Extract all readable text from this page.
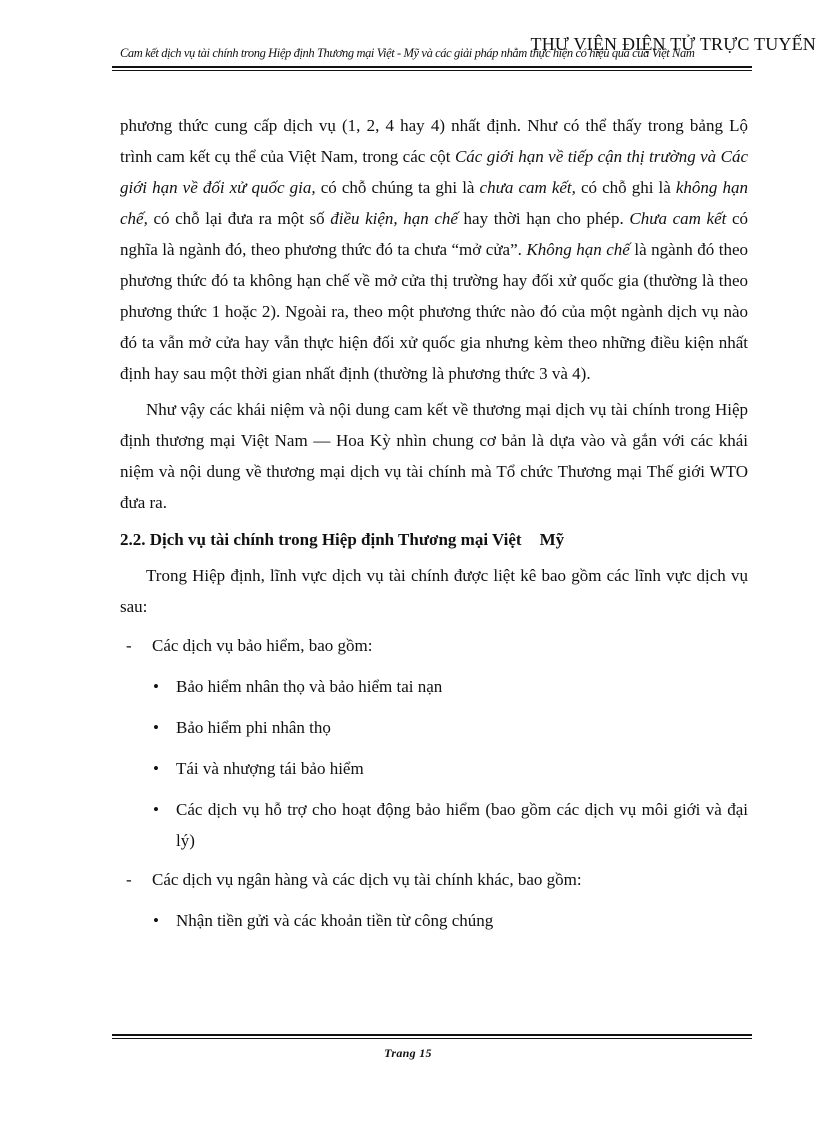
Cam kết dịch vụ tài chính trong Hiệp định Thương mại Việt - Mỹ và các giải pháp nhằm thực hiện có hiệu quả của Việt Nam
THƯ VIỆN ĐIỆN TỬ TRỰC TUYẾN

phương thức cung cấp dịch vụ (1, 2, 4 hay 4) nhất định. Như có thể thấy trong bảng Lộ trình cam kết cụ thể của Việt Nam, trong các cột Các giới hạn về tiếp cận thị trường và Các giới hạn về đối xử quốc gia, có chỗ chúng ta ghi là chưa cam kết, có chỗ ghi là không hạn chế, có chỗ lại đưa ra một số điều kiện, hạn chế hay thời hạn cho phép. Chưa cam kết có nghĩa là ngành đó, theo phương thức đó ta chưa “mở cửa”. Không hạn chế là ngành đó theo phương thức đó ta không hạn chế về mở cửa thị trường hay đối xử quốc gia (thường là theo phương thức 1 hoặc 2). Ngoài ra, theo một phương thức nào đó của một ngành dịch vụ nào đó ta vẫn mở cửa hay vẫn thực hiện đối xử quốc gia nhưng kèm theo những điều kiện nhất định hay sau một thời gian nhất định (thường là phương thức 3 và 4).

Như vậy các khái niệm và nội dung cam kết về thương mại dịch vụ tài chính trong Hiệp định thương mại Việt Nam — Hoa Kỳ nhìn chung cơ bản là dựa vào và gắn với các khái niệm và nội dung về thương mại dịch vụ tài chính mà Tổ chức Thương mại Thế giới WTO đưa ra.

2.2. Dịch vụ tài chính trong Hiệp định Thương mại Việt Mỹ

Trong Hiệp định, lĩnh vực dịch vụ tài chính được liệt kê bao gồm các lĩnh vực dịch vụ sau:

- Các dịch vụ bảo hiểm, bao gồm:
• Bảo hiểm nhân thọ và bảo hiểm tai nạn
• Bảo hiểm phi nhân thọ
• Tái và nhượng tái bảo hiểm
• Các dịch vụ hỗ trợ cho hoạt động bảo hiểm (bao gồm các dịch vụ môi giới và đại lý)
- Các dịch vụ ngân hàng và các dịch vụ tài chính khác, bao gồm:
• Nhận tiền gửi và các khoản tiền từ công chúng
Trang 15
